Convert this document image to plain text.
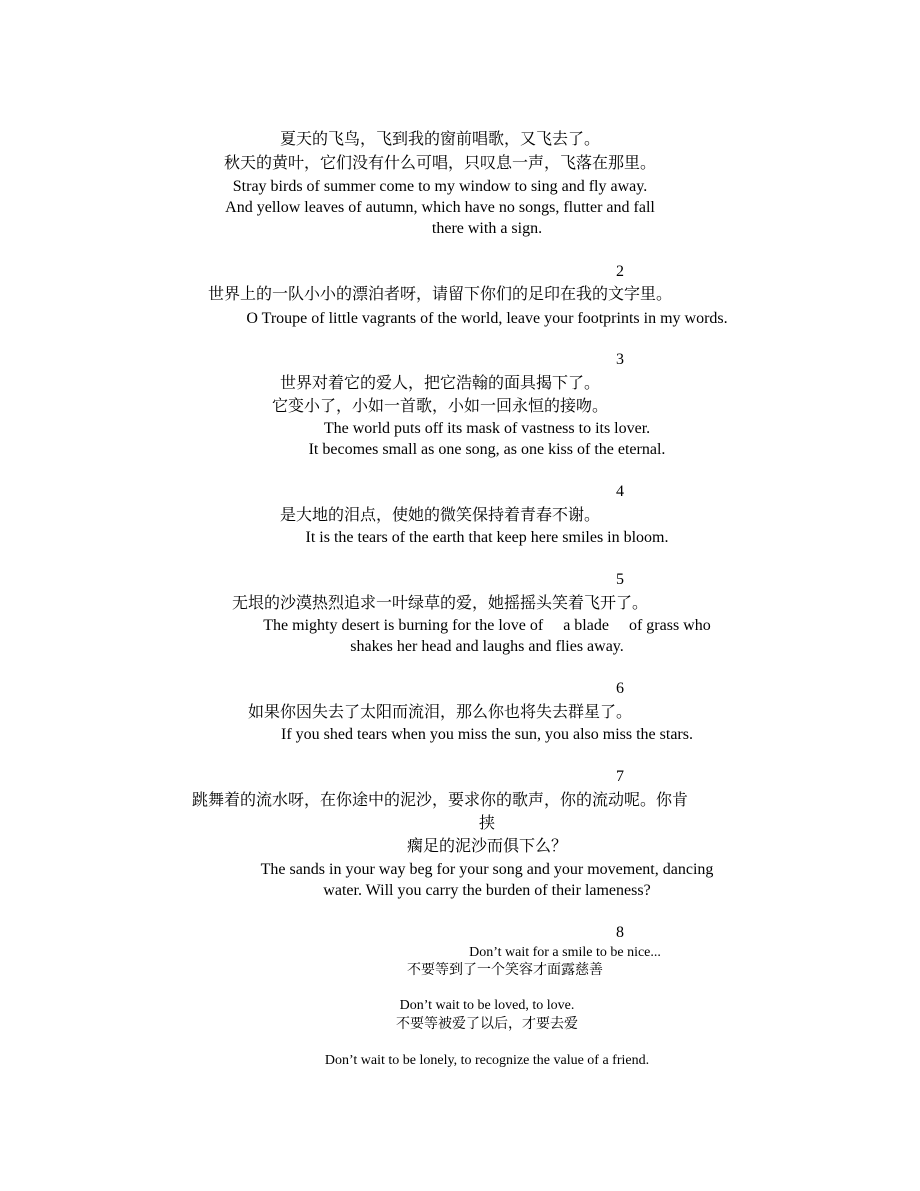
夏天的飞鸟，飞到我的窗前唱歌，又飞去了。
秋天的黄叶，它们没有什么可唱，只叹息一声，飞落在那里。
Stray birds of summer come to my window to sing and fly away.
And yellow leaves of autumn, which have no songs, flutter and fall
there with a sign.
2
世界上的一队小小的漂泊者呀，请留下你们的足印在我的文字里。
O Troupe of little vagrants of the world, leave your footprints in my words.
3
世界对着它的爱人，把它浩翰的面具揭下了。
它变小了，小如一首歌，小如一回永恒的接吻。
The world puts off its mask of vastness to its lover.
It becomes small as one song, as one kiss of the eternal.
4
是大地的泪点，使她的微笑保持着青春不谢。
It is the tears of the earth that keep here smiles in bloom.
5
无垠的沙漠热烈追求一叶绿草的爱，她摇摇头笑着飞开了。
The mighty desert is burning for the love of     a blade     of grass who
shakes her head and laughs and flies away.
6
如果你因失去了太阳而流泪，那么你也将失去群星了。
If you shed tears when you miss the sun, you also miss the stars.
7
跳舞着的流水呀，在你途中的泥沙，要求你的歌声，你的流动呢。你肯
挟
瘸足的泥沙而俱下么？
The sands in your way beg for your song and your movement, dancing
water. Will you carry the burden of their lameness?
8
Don’t wait for a smile to be nice...
不要等到了一个笑容才面露慈善
Don’t wait to be loved, to love.
不要等被爱了以后，才要去爱
Don’t wait to be lonely, to recognize the value of a friend.
